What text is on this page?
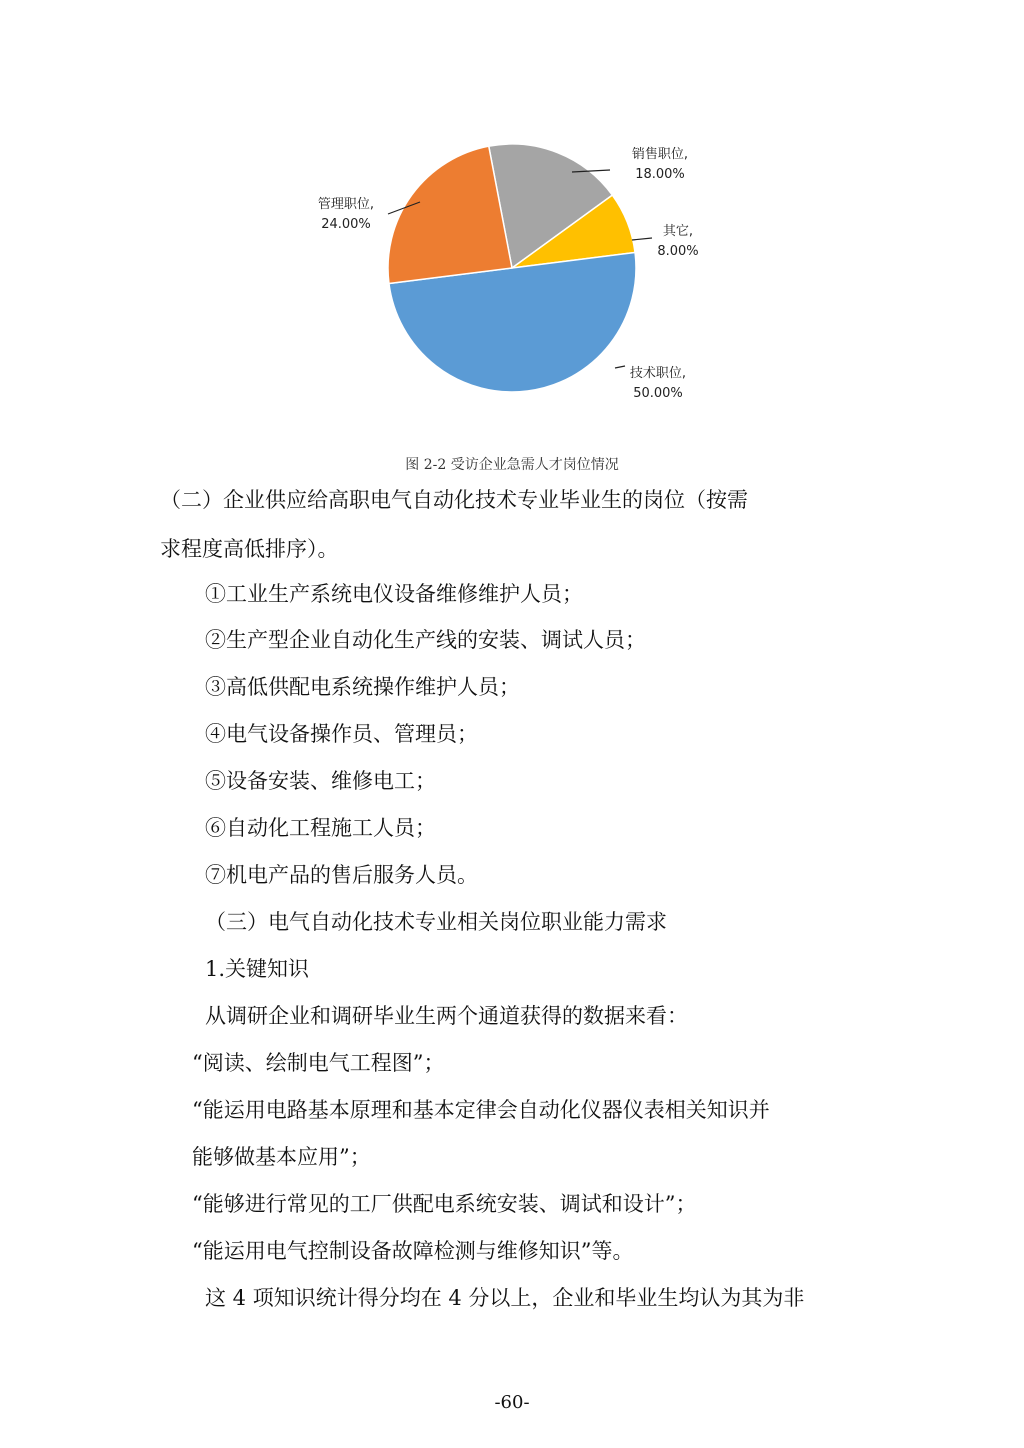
销售职位,
18.00%
其它,
8.00%
技术职位,
50.00%
管理职位,
24.00%
图 2-2 受访企业急需人才岗位情况
（二）企业供应给高职电气自动化技术专业毕业生的岗位（按需
求程度高低排序）。
①工业生产系统电仪设备维修维护人员；
②生产型企业自动化生产线的安装、调试人员；
③高低供配电系统操作维护人员；
④电气设备操作员、管理员；
⑤设备安装、维修电工；
⑥自动化工程施工人员；
⑦机电产品的售后服务人员。
（三）电气自动化技术专业相关岗位职业能力需求
1.关键知识
从调研企业和调研毕业生两个通道获得的数据来看：
“阅读、绘制电气工程图”；
“能运用电路基本原理和基本定律会自动化仪器仪表相关知识并
能够做基本应用”；
“能够进行常见的工厂供配电系统安装、调试和设计”；
“能运用电气控制设备故障检测与维修知识”等。
这 4 项知识统计得分均在 4 分以上，企业和毕业生均认为其为非
-60-
